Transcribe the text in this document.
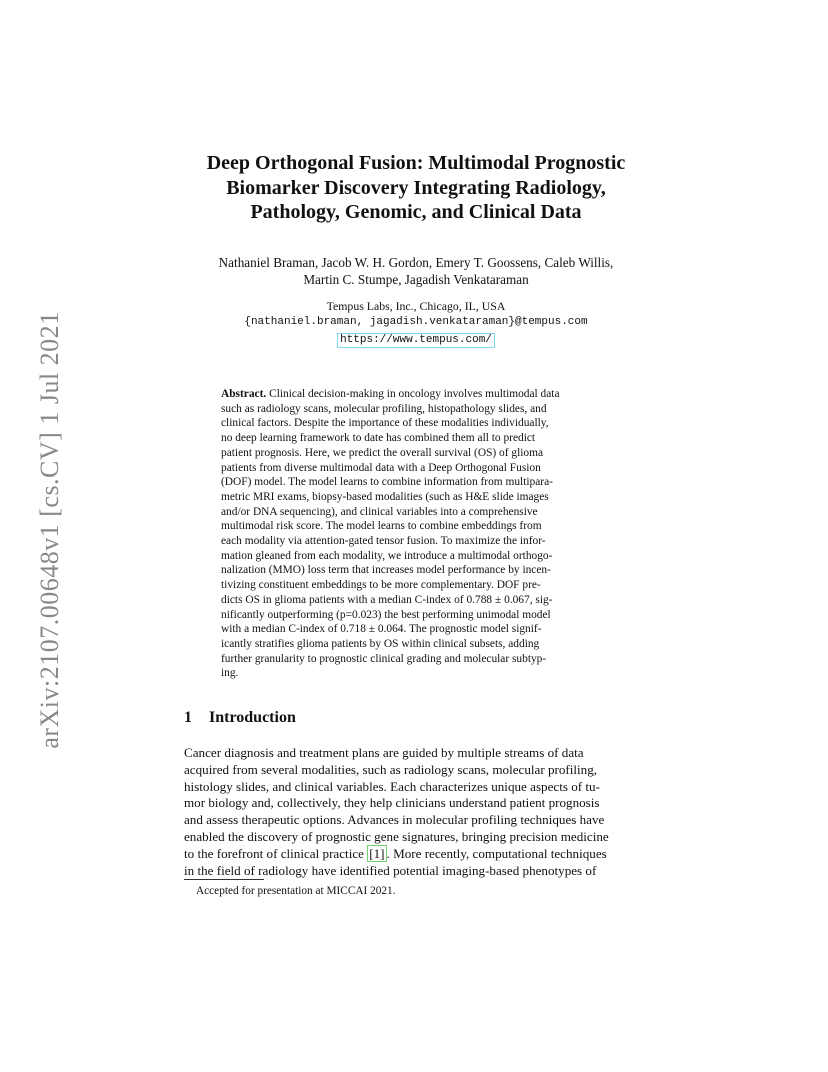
arXiv:2107.00648v1 [cs.CV] 1 Jul 2021
Deep Orthogonal Fusion: Multimodal Prognostic
Biomarker Discovery Integrating Radiology,
Pathology, Genomic, and Clinical Data
Nathaniel Braman, Jacob W. H. Gordon, Emery T. Goossens, Caleb Willis,
Martin C. Stumpe, Jagadish Venkataraman
Tempus Labs, Inc., Chicago, IL, USA
{nathaniel.braman, jagadish.venkataraman}@tempus.com
https://www.tempus.com/
Abstract. Clinical decision-making in oncology involves multimodal data
such as radiology scans, molecular profiling, histopathology slides, and
clinical factors. Despite the importance of these modalities individually,
no deep learning framework to date has combined them all to predict
patient prognosis. Here, we predict the overall survival (OS) of glioma
patients from diverse multimodal data with a Deep Orthogonal Fusion
(DOF) model. The model learns to combine information from multipara-
metric MRI exams, biopsy-based modalities (such as H&E slide images
and/or DNA sequencing), and clinical variables into a comprehensive
multimodal risk score. The model learns to combine embeddings from
each modality via attention-gated tensor fusion. To maximize the infor-
mation gleaned from each modality, we introduce a multimodal orthogo-
nalization (MMO) loss term that increases model performance by incen-
tivizing constituent embeddings to be more complementary. DOF pre-
dicts OS in glioma patients with a median C-index of 0.788 ± 0.067, sig-
nificantly outperforming (p=0.023) the best performing unimodal model
with a median C-index of 0.718 ± 0.064. The prognostic model signif-
icantly stratifies glioma patients by OS within clinical subsets, adding
further granularity to prognostic clinical grading and molecular subtyp-
ing.
1 Introduction
Cancer diagnosis and treatment plans are guided by multiple streams of data
acquired from several modalities, such as radiology scans, molecular profiling,
histology slides, and clinical variables. Each characterizes unique aspects of tu-
mor biology and, collectively, they help clinicians understand patient prognosis
and assess therapeutic options. Advances in molecular profiling techniques have
enabled the discovery of prognostic gene signatures, bringing precision medicine
to the forefront of clinical practice [1] . More recently, computational techniques
in the field of radiology have identified potential imaging-based phenotypes of
Accepted for presentation at MICCAI 2021.
